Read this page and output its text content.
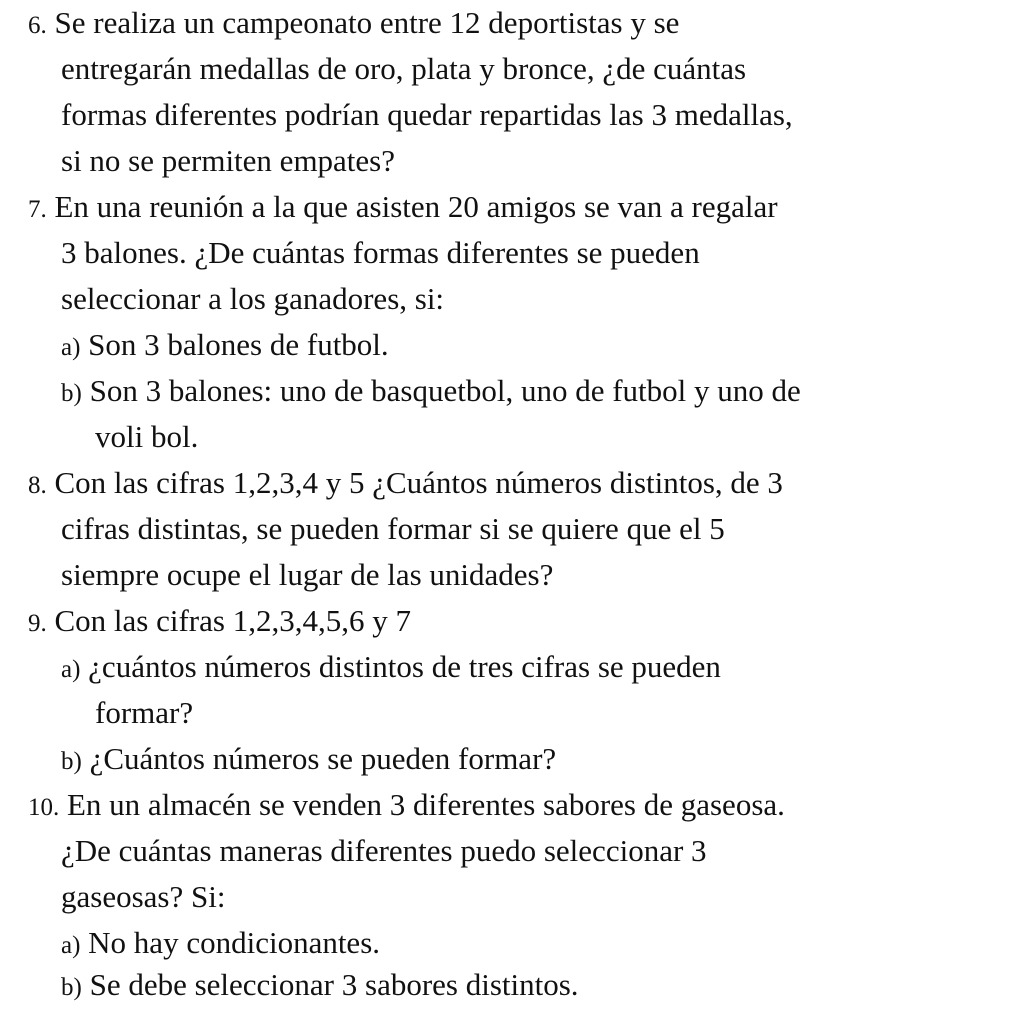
6. Se realiza un campeonato entre 12 deportistas y se
entregarán medallas de oro, plata y bronce, ¿de cuántas
formas diferentes podrían quedar repartidas las 3 medallas,
si no se permiten empates?
7. En una reunión a la que asisten 20 amigos se van a regalar
3 balones. ¿De cuántas formas diferentes se pueden
seleccionar a los ganadores, si:
a) Son 3 balones de futbol.
b) Son 3 balones: uno de basquetbol, uno de futbol y uno de
voli bol.
8. Con las cifras 1,2,3,4 y 5 ¿Cuántos números distintos, de 3
cifras distintas, se pueden formar si se quiere que el 5
siempre ocupe el lugar de las unidades?
9. Con las cifras 1,2,3,4,5,6 y 7
a) ¿cuántos números distintos de tres cifras se pueden
formar?
b) ¿Cuántos números se pueden formar?
10. En un almacén se venden 3 diferentes sabores de gaseosa.
¿De cuántas maneras diferentes puedo seleccionar 3
gaseosas? Si:
a) No hay condicionantes.
b) Se debe seleccionar 3 sabores distintos.
